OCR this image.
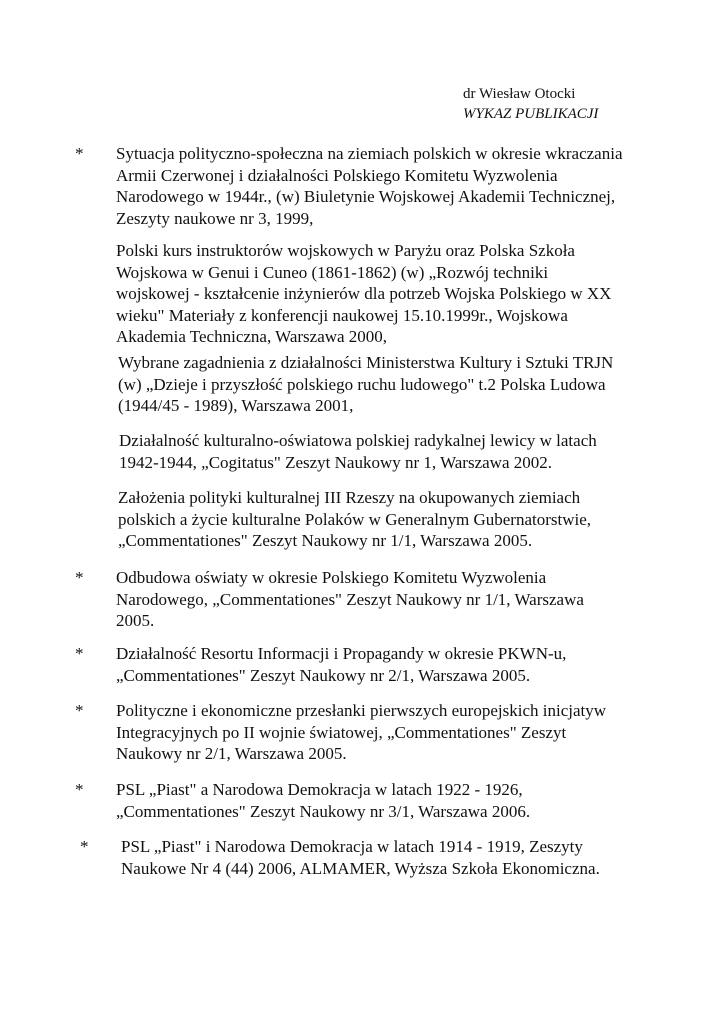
dr Wiesław Otocki
WYKAZ PUBLIKACJI
* Sytuacja polityczno-społeczna na ziemiach polskich w okresie wkraczania
Armii Czerwonej i działalności Polskiego Komitetu Wyzwolenia
Narodowego w 1944r., (w) Biuletynie Wojskowej Akademii Technicznej,
Zeszyty naukowe nr 3, 1999,
Polski kurs instruktorów wojskowych w Paryżu oraz Polska Szkoła
Wojskowa w Genui i Cuneo (1861-1862) (w) „Rozwój techniki
wojskowej - kształcenie inżynierów dla potrzeb Wojska Polskiego w XX
wieku" Materiały z konferencji naukowej 15.10.1999r., Wojskowa
Akademia Techniczna, Warszawa 2000,
Wybrane zagadnienia z działalności Ministerstwa Kultury i Sztuki TRJN
(w) „Dzieje i przyszłość polskiego ruchu ludowego" t.2 Polska Ludowa
(1944/45 - 1989), Warszawa 2001,
Działalność kulturalno-oświatowa polskiej radykalnej lewicy w latach
1942-1944, „Cogitatus" Zeszyt Naukowy nr 1, Warszawa 2002.
Założenia polityki kulturalnej III Rzeszy na okupowanych ziemiach
polskich a życie kulturalne Polaków w Generalnym Gubernatorstwie,
„Commentationes" Zeszyt Naukowy nr 1/1, Warszawa 2005.
* Odbudowa oświaty w okresie Polskiego Komitetu Wyzwolenia
Narodowego, „Commentationes" Zeszyt Naukowy nr 1/1, Warszawa
2005.
* Działalność Resortu Informacji i Propagandy w okresie PKWN-u,
„Commentationes" Zeszyt Naukowy nr 2/1, Warszawa 2005.
* Polityczne i ekonomiczne przesłanki pierwszych europejskich inicjatyw
Integracyjnych po II wojnie światowej, „Commentationes" Zeszyt
Naukowy nr 2/1, Warszawa 2005.
* PSL „Piast" a Narodowa Demokracja w latach 1922 - 1926,
„Commentationes" Zeszyt Naukowy nr 3/1, Warszawa 2006.
* PSL „Piast" i Narodowa Demokracja w latach 1914 - 1919, Zeszyty
Naukowe Nr 4 (44) 2006, ALMAMER, Wyższa Szkoła Ekonomiczna.
